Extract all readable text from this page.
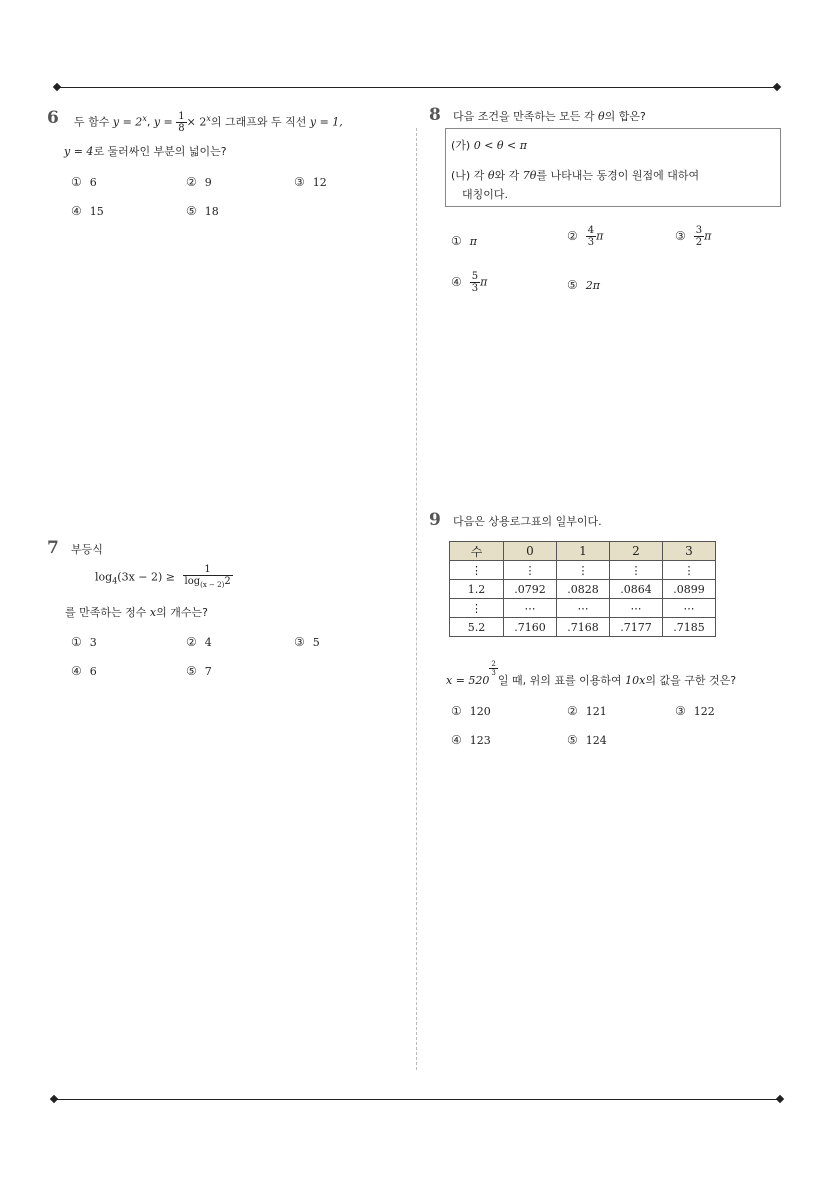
6 두 함수 $y = 2^x$, $y = \frac{1}{8} \times 2^x$의 그래프와 두 직선 y = 1,
y = 4로 둘러싸인 부분의 넓이는?
① 6	② 9	③ 12
④ 15	⑤ 18
7 부등식
$\log_4(3x - 2) \ge \frac{1}{\log_{(x - 2)}2}$
를 만족하는 정수 x의 개수는?
① 3	② 4	③ 5
④ 6	⑤ 7
8 다음 조건을 만족하는 모든 각 θ의 합은?
(가) 0 < θ < π
(나) 각 θ와 각 7θ를 나타내는 동경이 원점에 대하여
대칭이다.
① π	② $\frac{4}{3}$ π	③ $\frac{3}{2}$ π
④ $\frac{5}{3}$ π	⑤ 2π
9 다음은 상용로그표의 일부이다.
수	0	1	2	3
⋮	⋮	⋮	⋮	⋮
1.2	.0792	.0828	.0864	.0899
⋮	⋯	⋯	⋯	⋯
5.2	.7160	.7168	.7177	.7185
x = 520
$^{\frac{2}{3}}$
일 때, 위의 표를 이용하여 10x의 값을 구한 것은?
① 120	② 121	③ 122
④ 123	⑤ 124
